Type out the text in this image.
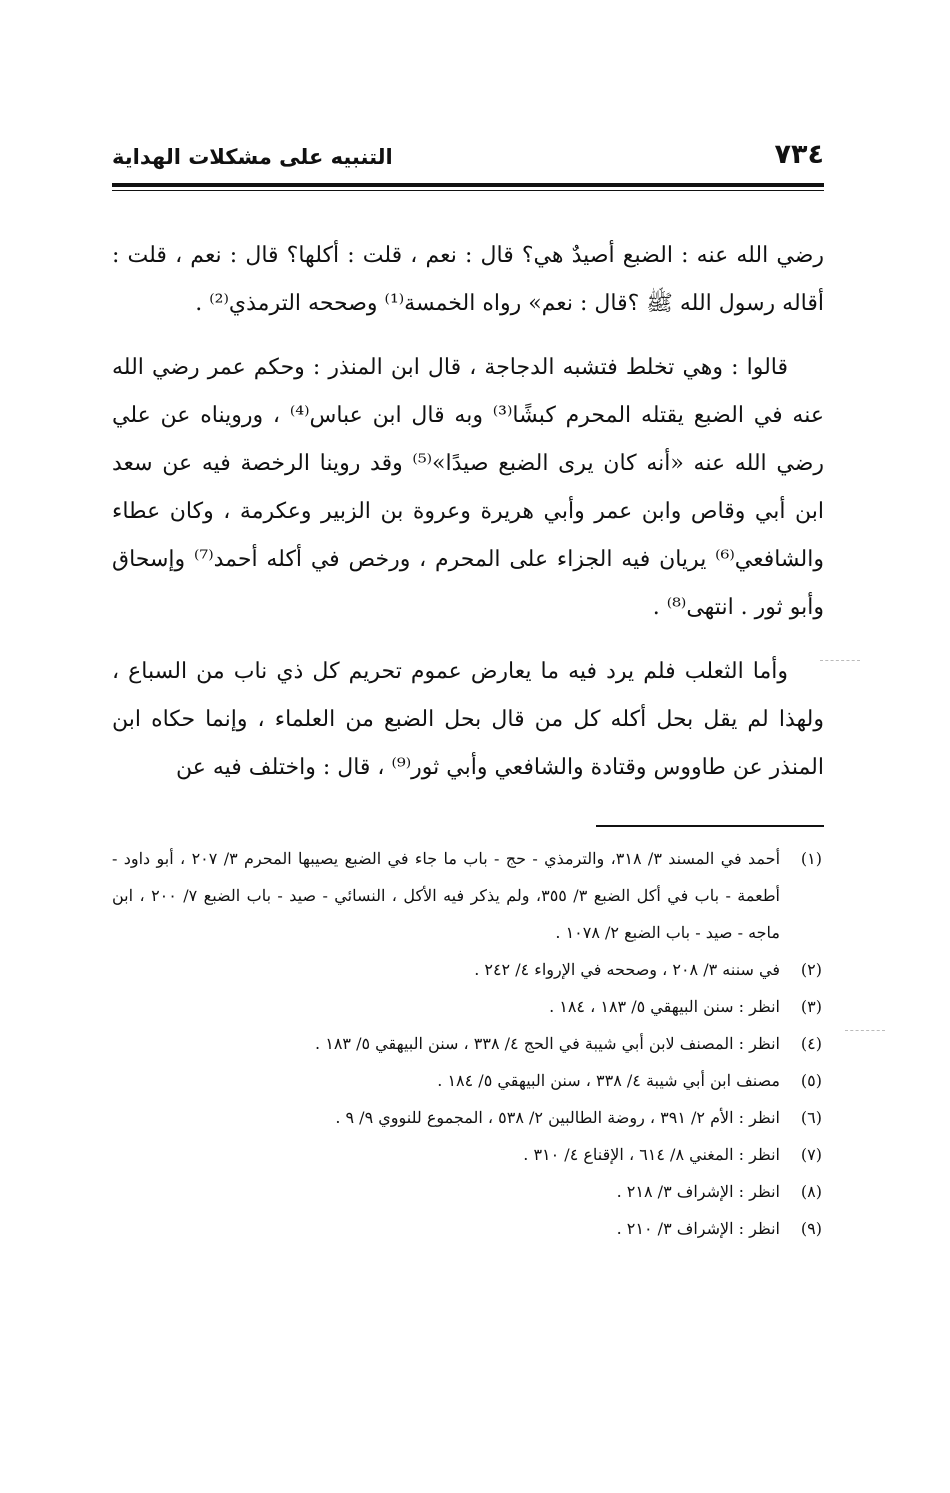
٧٣٤
التنبيه على مشكلات الهداية

رضي الله عنه : الضبع أصيدٌ هي؟ قال : نعم ، قلت : أكلها؟ قال : نعم ، قلت : أقاله رسول الله ﷺ ؟قال : نعم» رواه الخمسة⁽¹⁾ وصححه الترمذي⁽²⁾ .

قالوا : وهي تخلط فتشبه الدجاجة ، قال ابن المنذر : وحكم عمر رضي الله عنه في الضبع يقتله المحرم كبشًا⁽³⁾ وبه قال ابن عباس⁽⁴⁾ ، ورويناه عن علي رضي الله عنه «أنه كان يرى الضبع صيدًا»⁽⁵⁾ وقد روينا الرخصة فيه عن سعد ابن أبي وقاص وابن عمر وأبي هريرة وعروة بن الزبير وعكرمة ، وكان عطاء والشافعي⁽⁶⁾ يريان فيه الجزاء على المحرم ، ورخص في أكله أحمد⁽⁷⁾ وإسحاق وأبو ثور . انتهى⁽⁸⁾ .

وأما الثعلب فلم يرد فيه ما يعارض عموم تحريم كل ذي ناب من السباع ، ولهذا لم يقل بحل أكله كل من قال بحل الضبع من العلماء ، وإنما حكاه ابن المنذر عن طاووس وقتادة والشافعي وأبي ثور⁽⁹⁾ ، قال : واختلف فيه عن

(١)
أحمد في المسند ٣/ ٣١٨، والترمذي - حج - باب ما جاء في الضبع يصيبها المحرم ٣/ ٢٠٧ ، أبو داود - أطعمة - باب في أكل الضبع ٣/ ٣٥٥، ولم يذكر فيه الأكل ، النسائي - صيد - باب الضبع ٧/ ٢٠٠ ، ابن ماجه - صيد - باب الضبع ٢/ ١٠٧٨ .
(٢)
في سننه ٣/ ٢٠٨ ، وصححه في الإرواء ٤/ ٢٤٢ .
(٣)
انظر : سنن البيهقي ٥/ ١٨٣ ، ١٨٤ .
(٤)
انظر : المصنف لابن أبي شيبة في الحج ٤/ ٣٣٨ ، سنن البيهقي ٥/ ١٨٣ .
(٥)
مصنف ابن أبي شيبة ٤/ ٣٣٨ ، سنن البيهقي ٥/ ١٨٤ .
(٦)
انظر : الأم ٢/ ٣٩١ ، روضة الطالبين ٢/ ٥٣٨ ، المجموع للنووي ٩/ ٩ .
(٧)
انظر : المغني ٨/ ٦١٤ ، الإقناع ٤/ ٣١٠ .
(٨)
انظر : الإشراف ٣/ ٢١٨ .
(٩)
انظر : الإشراف ٣/ ٢١٠ .
